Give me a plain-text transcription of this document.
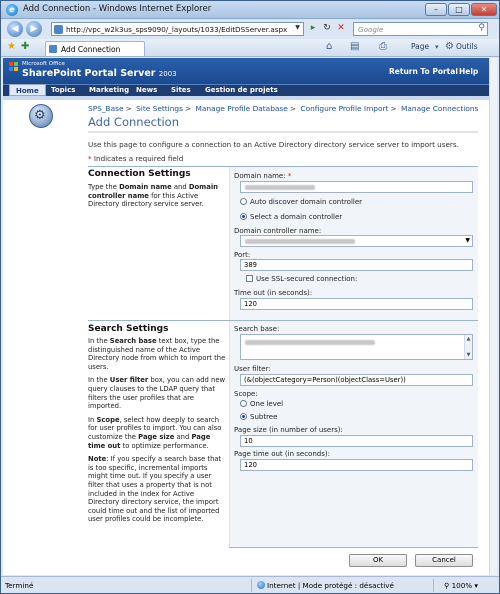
e Add Connection - Windows Internet Explorer	–	□	✕
◀	▶	http://vpc_w2k3us_sps9090/_layouts/1033/EditDSServer.aspx	▼	▸ ↻ ✕	Google	⚲
★ ✚	Add Connection	⌂ ▤ ⎙	Page ▾ ⚙ Outils
Microsoft Office
SharePoint Portal Server 2003	Return To Portal Help
Home	Topics Marketing News Sites Gestion de projets
⚙	SPS_Base > Site Settings > Manage Profile Database > Configure Profile Import > Manage Connections
Add Connection
Use this page to configure a connection to an Active Directory directory service server to import users.
* Indicates a required field
Connection Settings

Type the Domain name and Domain controller name for this Active Directory directory service server.

Domain name: *
Auto discover domain controller
Select a domain controller
Domain controller name:
▼
Port:
389
Use SSL-secured connection:
Time out (in seconds):
120
Search Settings

In the Search base text box, type the distinguished name of the Active Directory node from which to import the users.

In the User filter box, you can add new query clauses to the LDAP query that filters the user profiles that are imported.

In Scope, select how deeply to search for user profiles to import. You can also customize the Page size and Page time out to optimize performance.

Note: If you specify a search base that is too specific, incremental imports might time out. If you specify a user filter that uses a property that is not included in the index for Active Directory directory service, the import could time out and the list of imported user profiles could be incomplete.

Search base:
▲

▼
User filter:
(&(objectCategory=Person)(objectClass=User))
Scope:
One level
Subtree
Page size (in number of users):
10
Page time out (in seconds):
120
OK	Cancel
Terminé	Internet | Mode protégé : désactivé	⚲ 100% ▾
